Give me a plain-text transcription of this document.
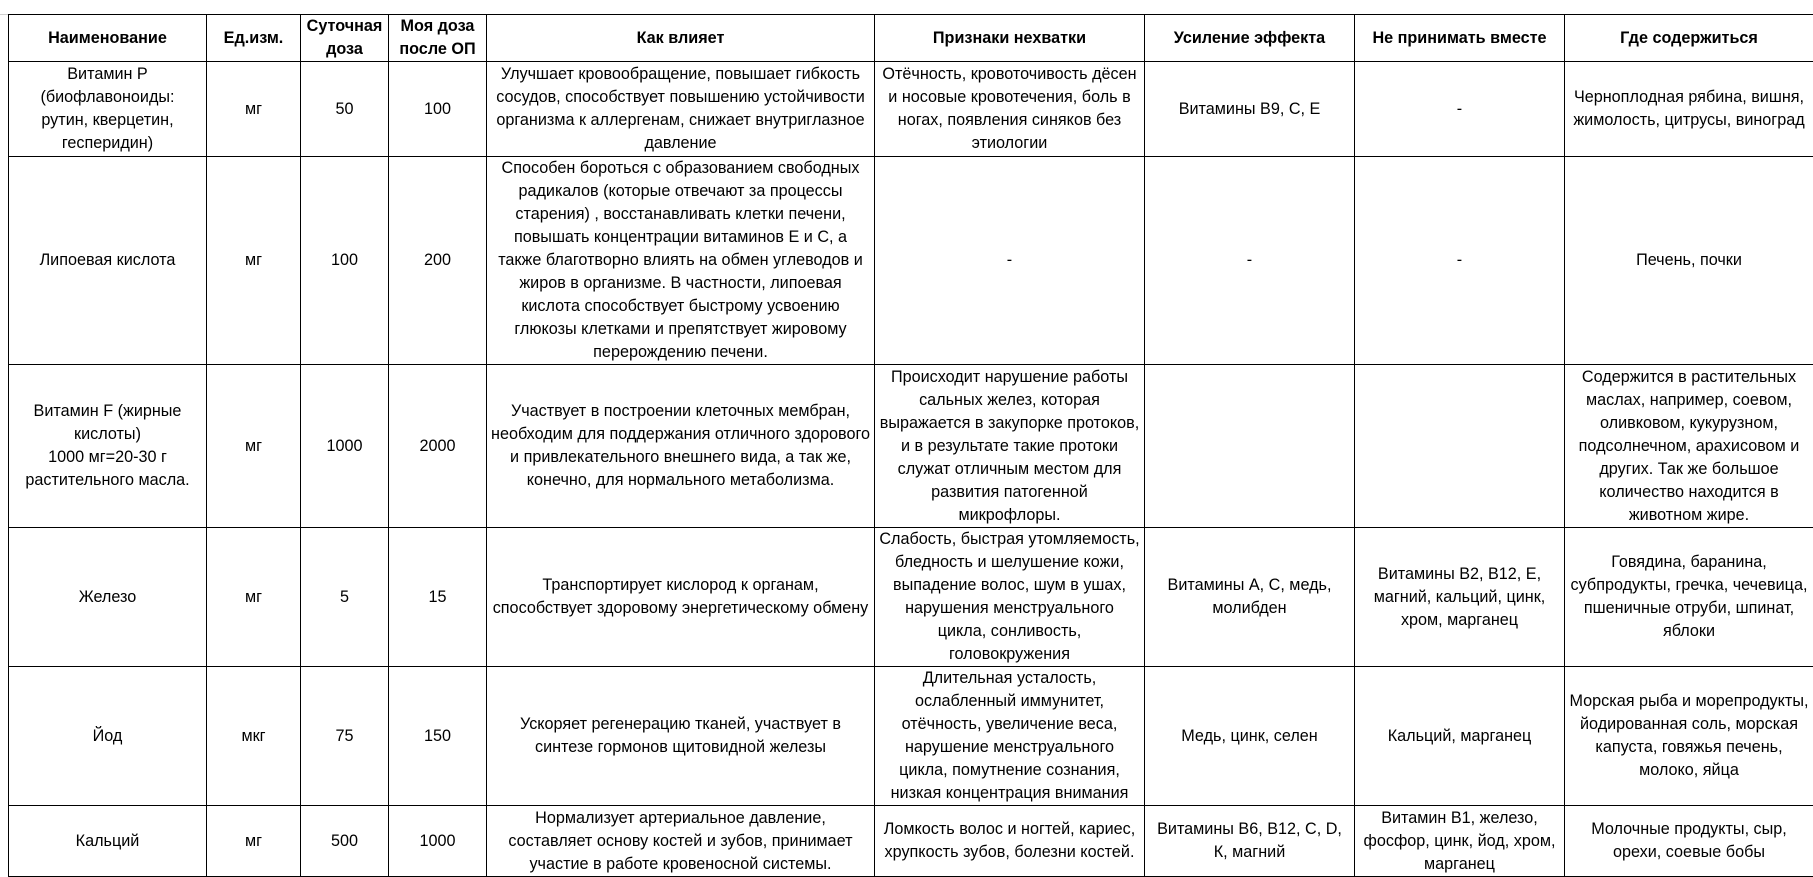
Наименование	Ед.изм.	Суточная доза	Моя доза после ОП	Как влияет	Признаки нехватки	Усиление эффекта	Не принимать вместе	Где содержиться
Витамин Р
(биофлавоноиды:
рутин, кверцетин,
гесперидин)	мг	50	100	Улучшает кровообращение, повышает гибкость сосудов, способствует повышению устойчивости организма к аллергенам, снижает внутриглазное давление	Отёчность, кровоточивость дёсен и носовые кровотечения, боль в ногах, появления синяков без этиологии	Витамины В9, С, Е	-	Черноплодная рябина, вишня, жимолость, цитрусы, виноград
Липоевая кислота	мг	100	200	Способен бороться с образованием свободных радикалов (которые отвечают за процессы старения) , восстанавливать клетки печени, повышать концентрации витаминов Е и С, а также благотворно влиять на обмен углеводов и жиров в организме. В частности, липоевая кислота способствует быстрому усвоению глюкозы клетками и препятствует жировому перерождению печени.	-	-	-	Печень, почки
Витамин F (жирные
кислоты)
1000 мг=20-30 г
растительного масла.	мг	1000	2000	Участвует в построении клеточных мембран, необходим для поддержания отличного здорового и привлекательного внешнего вида, а так же, конечно, для нормального метаболизма.	Происходит нарушение работы сальных желез, которая выражается в закупорке протоков, и в результате такие протоки служат отличным местом для развития патогенной микрофлоры.			Содержится в растительных маслах, например, соевом, оливковом, кукурузном, подсолнечном, арахисовом и других. Так же большое количество находится в животном жире.
Железо	мг	5	15	Транспортирует кислород к органам, способствует здоровому энергетическому обмену	Слабость, быстрая утомляемость, бледность и шелушение кожи, выпадение волос, шум в ушах, нарушения менструального цикла, сонливость, головокружения	Витамины А, С, медь, молибден	Витамины В2, В12, Е, магний, кальций, цинк, хром, марганец	Говядина, баранина, субпродукты, гречка, чечевица, пшеничные отруби, шпинат, яблоки
Йод	мкг	75	150	Ускоряет регенерацию тканей, участвует в синтезе гормонов щитовидной железы	Длительная усталость, ослабленный иммунитет, отёчность, увеличение веса, нарушение менструального цикла, помутнение сознания, низкая концентрация внимания	Медь, цинк, селен	Кальций, марганец	Морская рыба и морепродукты, йодированная соль, морская капуста, говяжья печень, молоко, яйца
Кальций	мг	500	1000	Нормализует артериальное давление, составляет основу костей и зубов, принимает участие в работе кровеносной системы.	Ломкость волос и ногтей, кариес, хрупкость зубов, болезни костей.	Витамины В6, В12, С, D, К, магний	Витамин В1, железо, фосфор, цинк, йод, хром, марганец	Молочные продукты, сыр, орехи, соевые бобы
